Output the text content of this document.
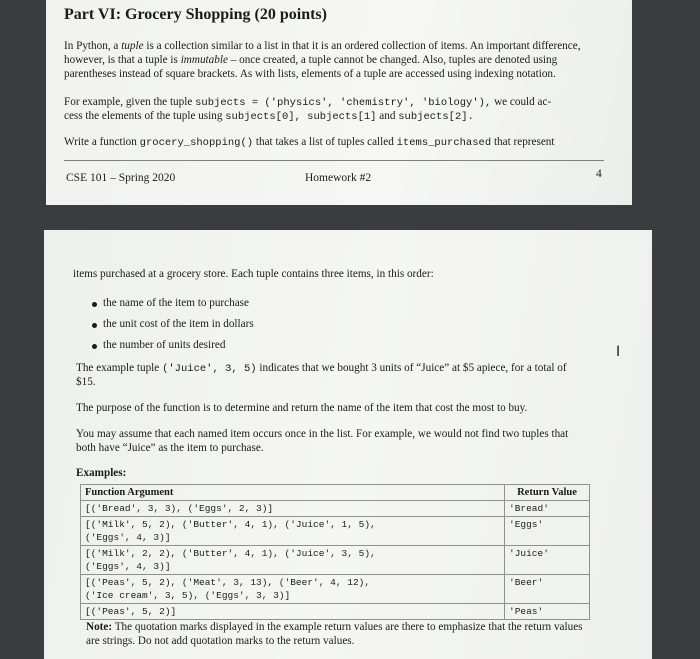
Part VI: Grocery Shopping (20 points)
In Python, a tuple is a collection similar to a list in that it is an ordered collection of items. An important difference,
however, is that a tuple is immutable – once created, a tuple cannot be changed. Also, tuples are denoted using
parentheses instead of square brackets. As with lists, elements of a tuple are accessed using indexing notation.
For example, given the tuple subjects = ('physics', 'chemistry', 'biology'), we could ac-
cess the elements of the tuple using subjects[0], subjects[1] and subjects[2].
Write a function grocery_shopping() that takes a list of tuples called items_purchased that represent
CSE 101 – Spring 2020	Homework #2	4
items purchased at a grocery store. Each tuple contains three items, in this order:
the name of the item to purchase
the unit cost of the item in dollars
the number of units desired
The example tuple ('Juice', 3, 5) indicates that we bought 3 units of “Juice” at $5 apiece, for a total of
$15.
The purpose of the function is to determine and return the name of the item that cost the most to buy.
You may assume that each named item occurs once in the list. For example, we would not find two tuples that
both have “Juice” as the item to purchase.
Examples:
Function Argument	Return Value
[('Bread', 3, 3), ('Eggs', 2, 3)]	'Bread'
[('Milk', 5, 2), ('Butter', 4, 1), ('Juice', 1, 5),
('Eggs', 4, 3)]	'Eggs'
[('Milk', 2, 2), ('Butter', 4, 1), ('Juice', 3, 5),
('Eggs', 4, 3)]	'Juice'
[('Peas', 5, 2), ('Meat', 3, 13), ('Beer', 4, 12),
('Ice cream', 3, 5), ('Eggs', 3, 3)]	'Beer'
[('Peas', 5, 2)]	'Peas'
Note: The quotation marks displayed in the example return values are there to emphasize that the return values
are strings. Do not add quotation marks to the return values.
I
